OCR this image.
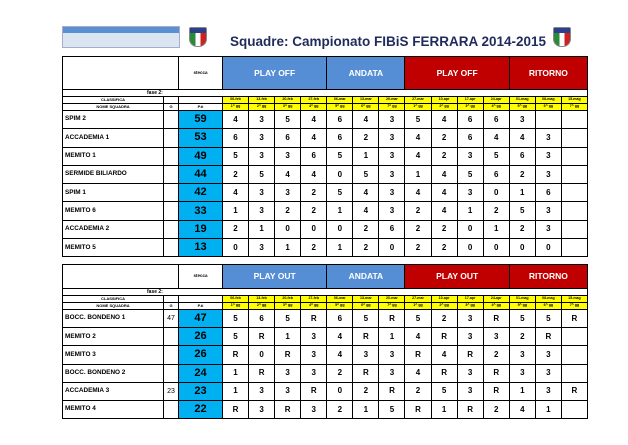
Squadre: Campionato FIBiS FERRARA 2014-2015
		stecca	PLAY OFF				ANDATA			PLAY OFF				RITORNO		
fase 2:																
CLASSIFICA			06-feb	13-feb	20-feb	27-feb	06-mar	13-mar	20-mar	27-mar	10-apr	17-apr	24-apr	01-mag	08-mag	15-mag
NOME SQUADRA	G	P.ti	1^ gg	2^ gg	3^ gg	4^ gg	5^ gg	6^ gg	7^ gg	1^ gg	2^ gg	3^ gg	4^ gg	5^ gg	6^ gg	7^ gg
SPIM 2		59	4	3	5	4	6	4	3	5	4	6	6	3		
ACCADEMIA 1		53	6	3	6	4	6	2	3	4	2	6	4	4	3	
MEMITO 1		49	5	3	3	6	5	1	3	4	2	3	5	6	3	
SERMIDE BILIARDO		44	2	5	4	4	0	5	3	1	4	5	6	2	3	
SPIM 1		42	4	3	3	2	5	4	3	4	4	3	0	1	6	
MEMITO 6		33	1	3	2	2	1	4	3	2	4	1	2	5	3	
ACCADEMIA 2		19	2	1	0	0	0	2	6	2	2	0	1	2	3	
MEMITO 5		13	0	3	1	2	1	2	0	2	2	0	0	0	0	
		stecca	PLAY OUT				ANDATA			PLAY OUT				RITORNO		
fase 2:																
CLASSIFICA			06-feb	13-feb	20-feb	27-feb	06-mar	13-mar	20-mar	27-mar	10-apr	17-apr	24-apr	01-mag	08-mag	15-mag
NOME SQUADRA	G	P.ti	1^ gg	2^ gg	3^ gg	4^ gg	5^ gg	6^ gg	7^ gg	1^ gg	2^ gg	3^ gg	4^ gg	5^ gg	6^ gg	7^ gg
BOCC. BONDENO 1	47	47	5	6	5	R	6	5	R	5	2	3	R	5	5	R
MEMITO 2		26	5	R	1	3	4	R	1	4	R	3	3	2	R	
MEMITO 3		26	R	0	R	3	4	3	3	R	4	R	2	3	3	
BOCC. BONDENO 2		24	1	R	3	3	2	R	3	4	R	3	R	3	3	
ACCADEMIA 3	23	23	1	3	3	R	0	2	R	2	5	3	R	1	3	R
MEMITO 4		22	R	3	R	3	2	1	5	R	1	R	2	4	1	
